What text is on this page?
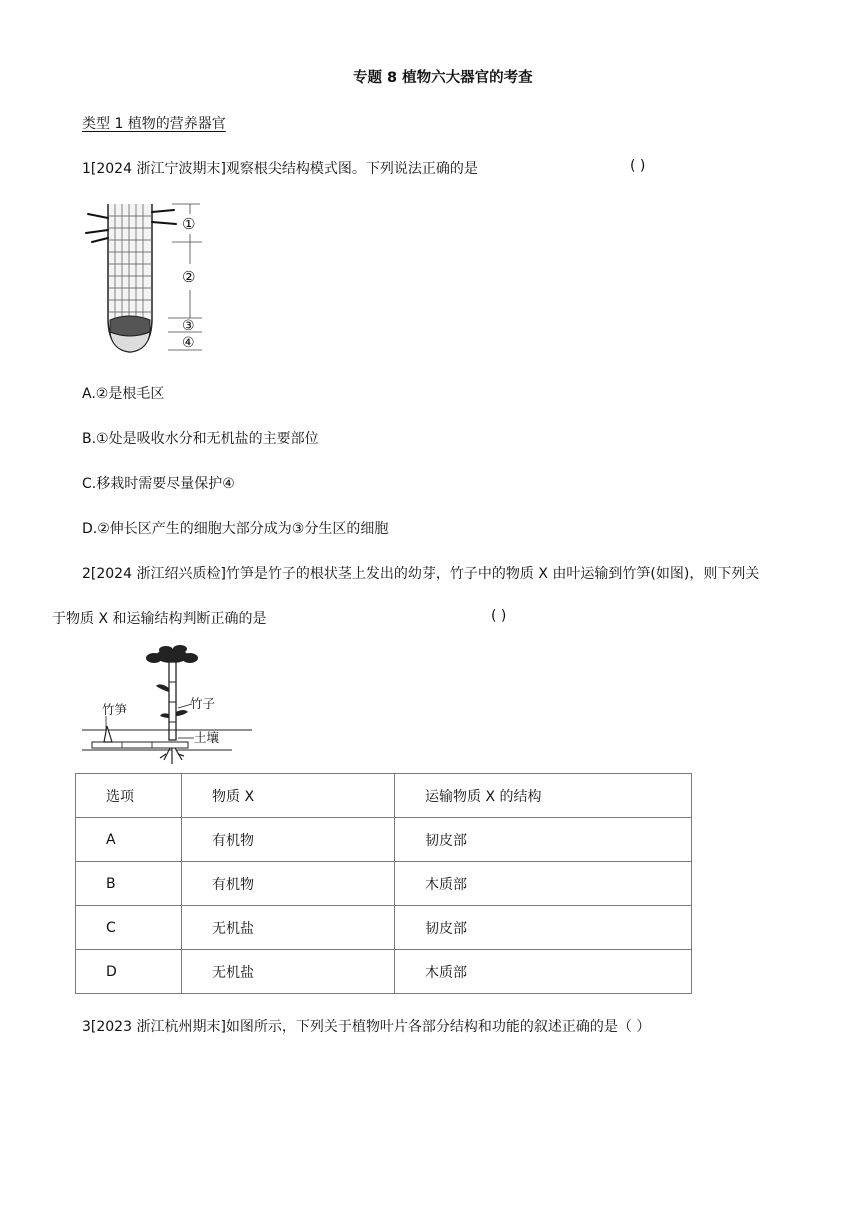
专题 8 植物六大器官的考查
类型 1 植物的营养器官
1[2024 浙江宁波期末]观察根尖结构模式图。下列说法正确的是	( )
①
②
③
④
A.②是根毛区
B.①处是吸收水分和无机盐的主要部位
C.移栽时需要尽量保护④
D.②伸长区产生的细胞大部分成为③分生区的细胞
2[2024 浙江绍兴质检]竹笋是竹子的根状茎上发出的幼芽，竹子中的物质 X 由叶运输到竹笋(如图)，则下列关
于物质 X 和运输结构判断正确的是	( )
竹笋	竹子
土壤
选项	物质 X	运输物质 X 的结构
A	有机物	韧皮部
B	有机物	木质部
C	无机盐	韧皮部
D	无机盐	木质部
3[2023 浙江杭州期末]如图所示，下列关于植物叶片各部分结构和功能的叙述正确的是（ ）
